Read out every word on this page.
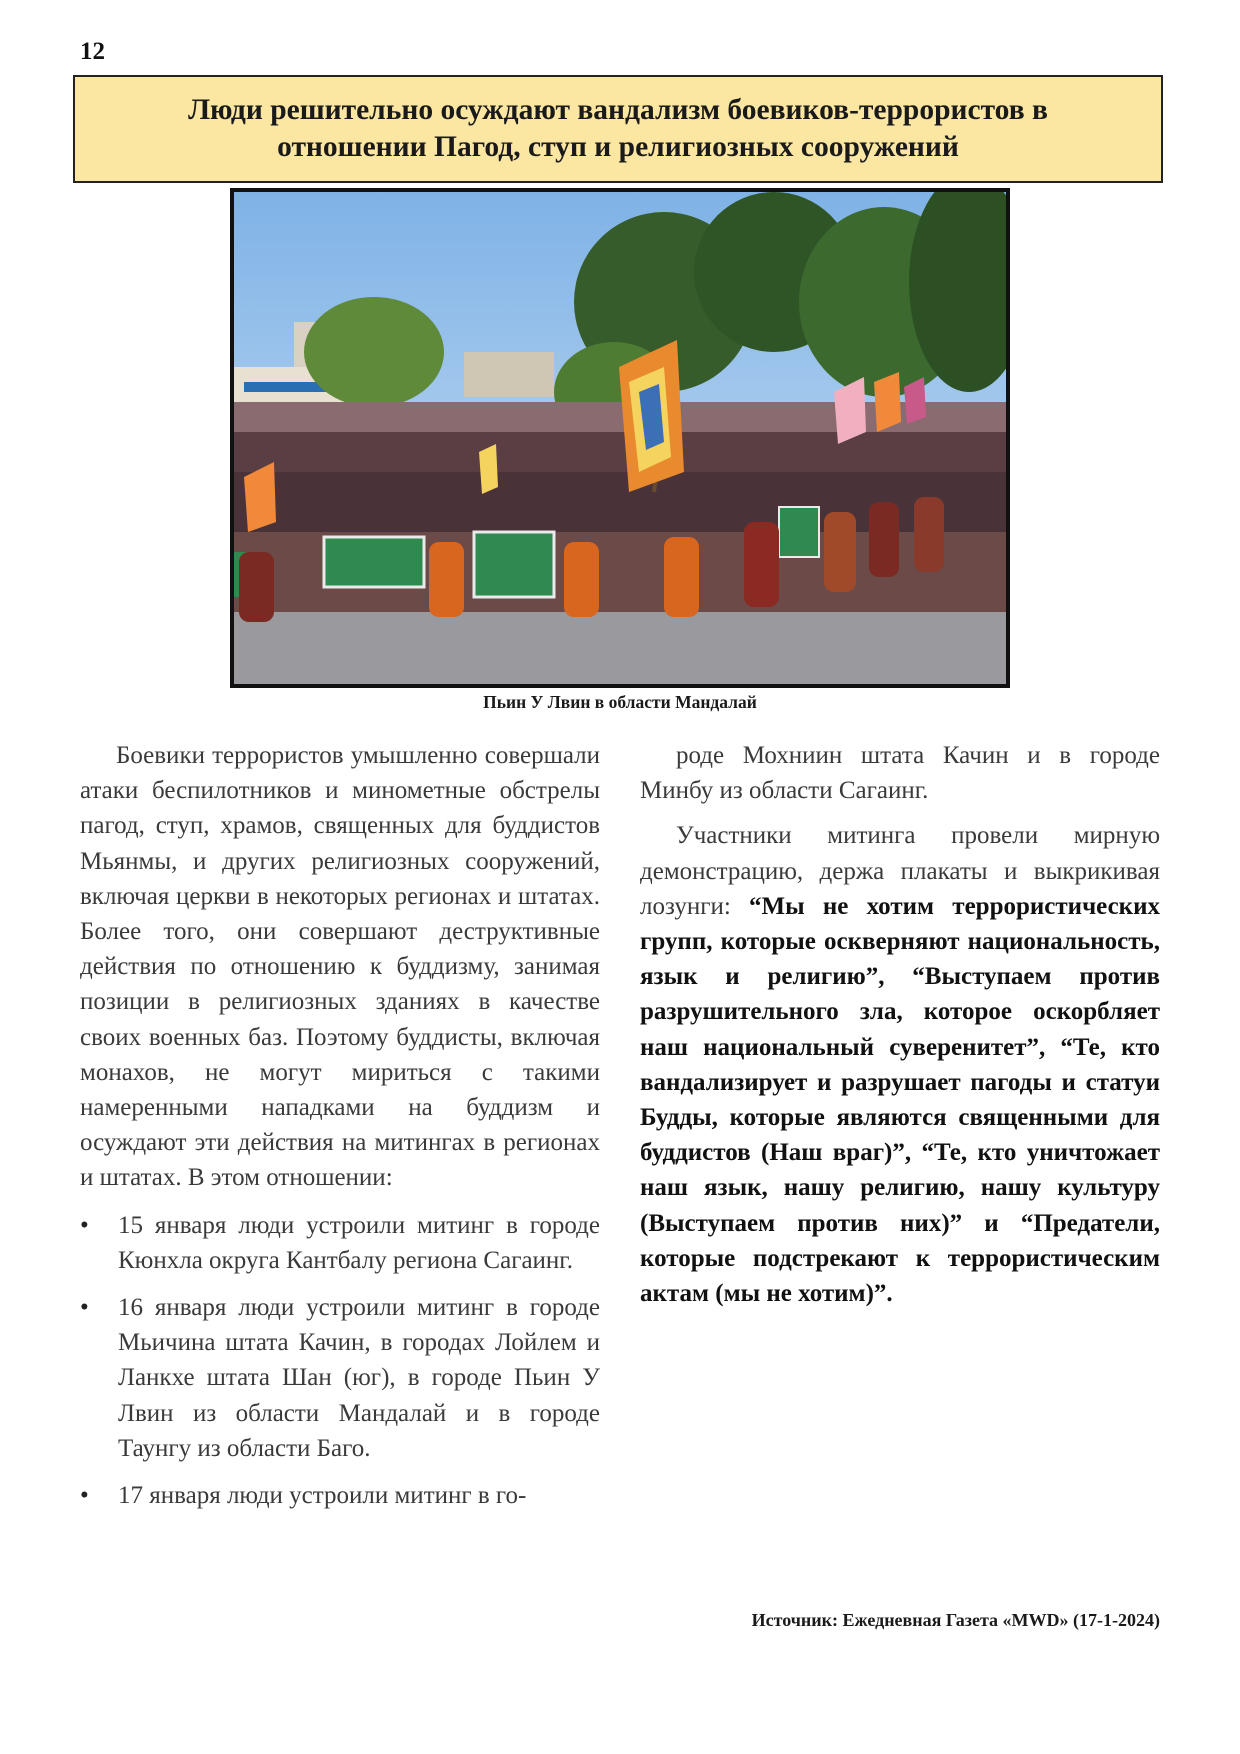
12
Люди решительно осуждают вандализм боевиков-террористов в отношении Пагод, ступ и религиозных сооружений
Пьин У Лвин в области Мандалай

Боевики террористов умышленно совершали атаки беспилотников и минометные обстрелы пагод, ступ, храмов, священных для буддистов Мьянмы, и других религиозных сооружений, включая церкви в некоторых регионах и штатах. Более того, они совершают деструктивные действия по отношению к буддизму, занимая позиции в религиозных зданиях в качестве своих военных баз. Поэтому буддисты, включая монахов, не могут мириться с такими намеренными нападками на буддизм и осуждают эти действия на митингах в регионах и штатах. В этом отношении:

• 15 января люди устроили митинг в городе Кюнхла округа Кантбалу региона Сагаинг.
• 16 января люди устроили митинг в городе Мьичина штата Качин, в городах Лойлем и Ланкхе штата Шан (юг), в городе Пьин У Лвин из области Мандалай и в городе Таунгу из области Баго.
• 17 января люди устроили митинг в го-

роде Мохниин штата Качин и в городе Минбу из области Сагаинг.

Участники митинга провели мирную демонстрацию, держа плакаты и выкрикивая лозунги: “Мы не хотим террористических групп, которые оскверняют национальность, язык и религию”, “Выступаем против разрушительного зла, которое оскорбляет наш национальный суверенитет”, “Те, кто вандализирует и разрушает пагоды и статуи Будды, которые являются священными для буддистов (Наш враг)”, “Те, кто уничтожает наш язык, нашу религию, нашу культуру (Выступаем против них)” и “Предатели, которые подстрекают к террористическим актам (мы не хотим)”.

Источник: Ежедневная Газета «MWD» (17-1-2024)
